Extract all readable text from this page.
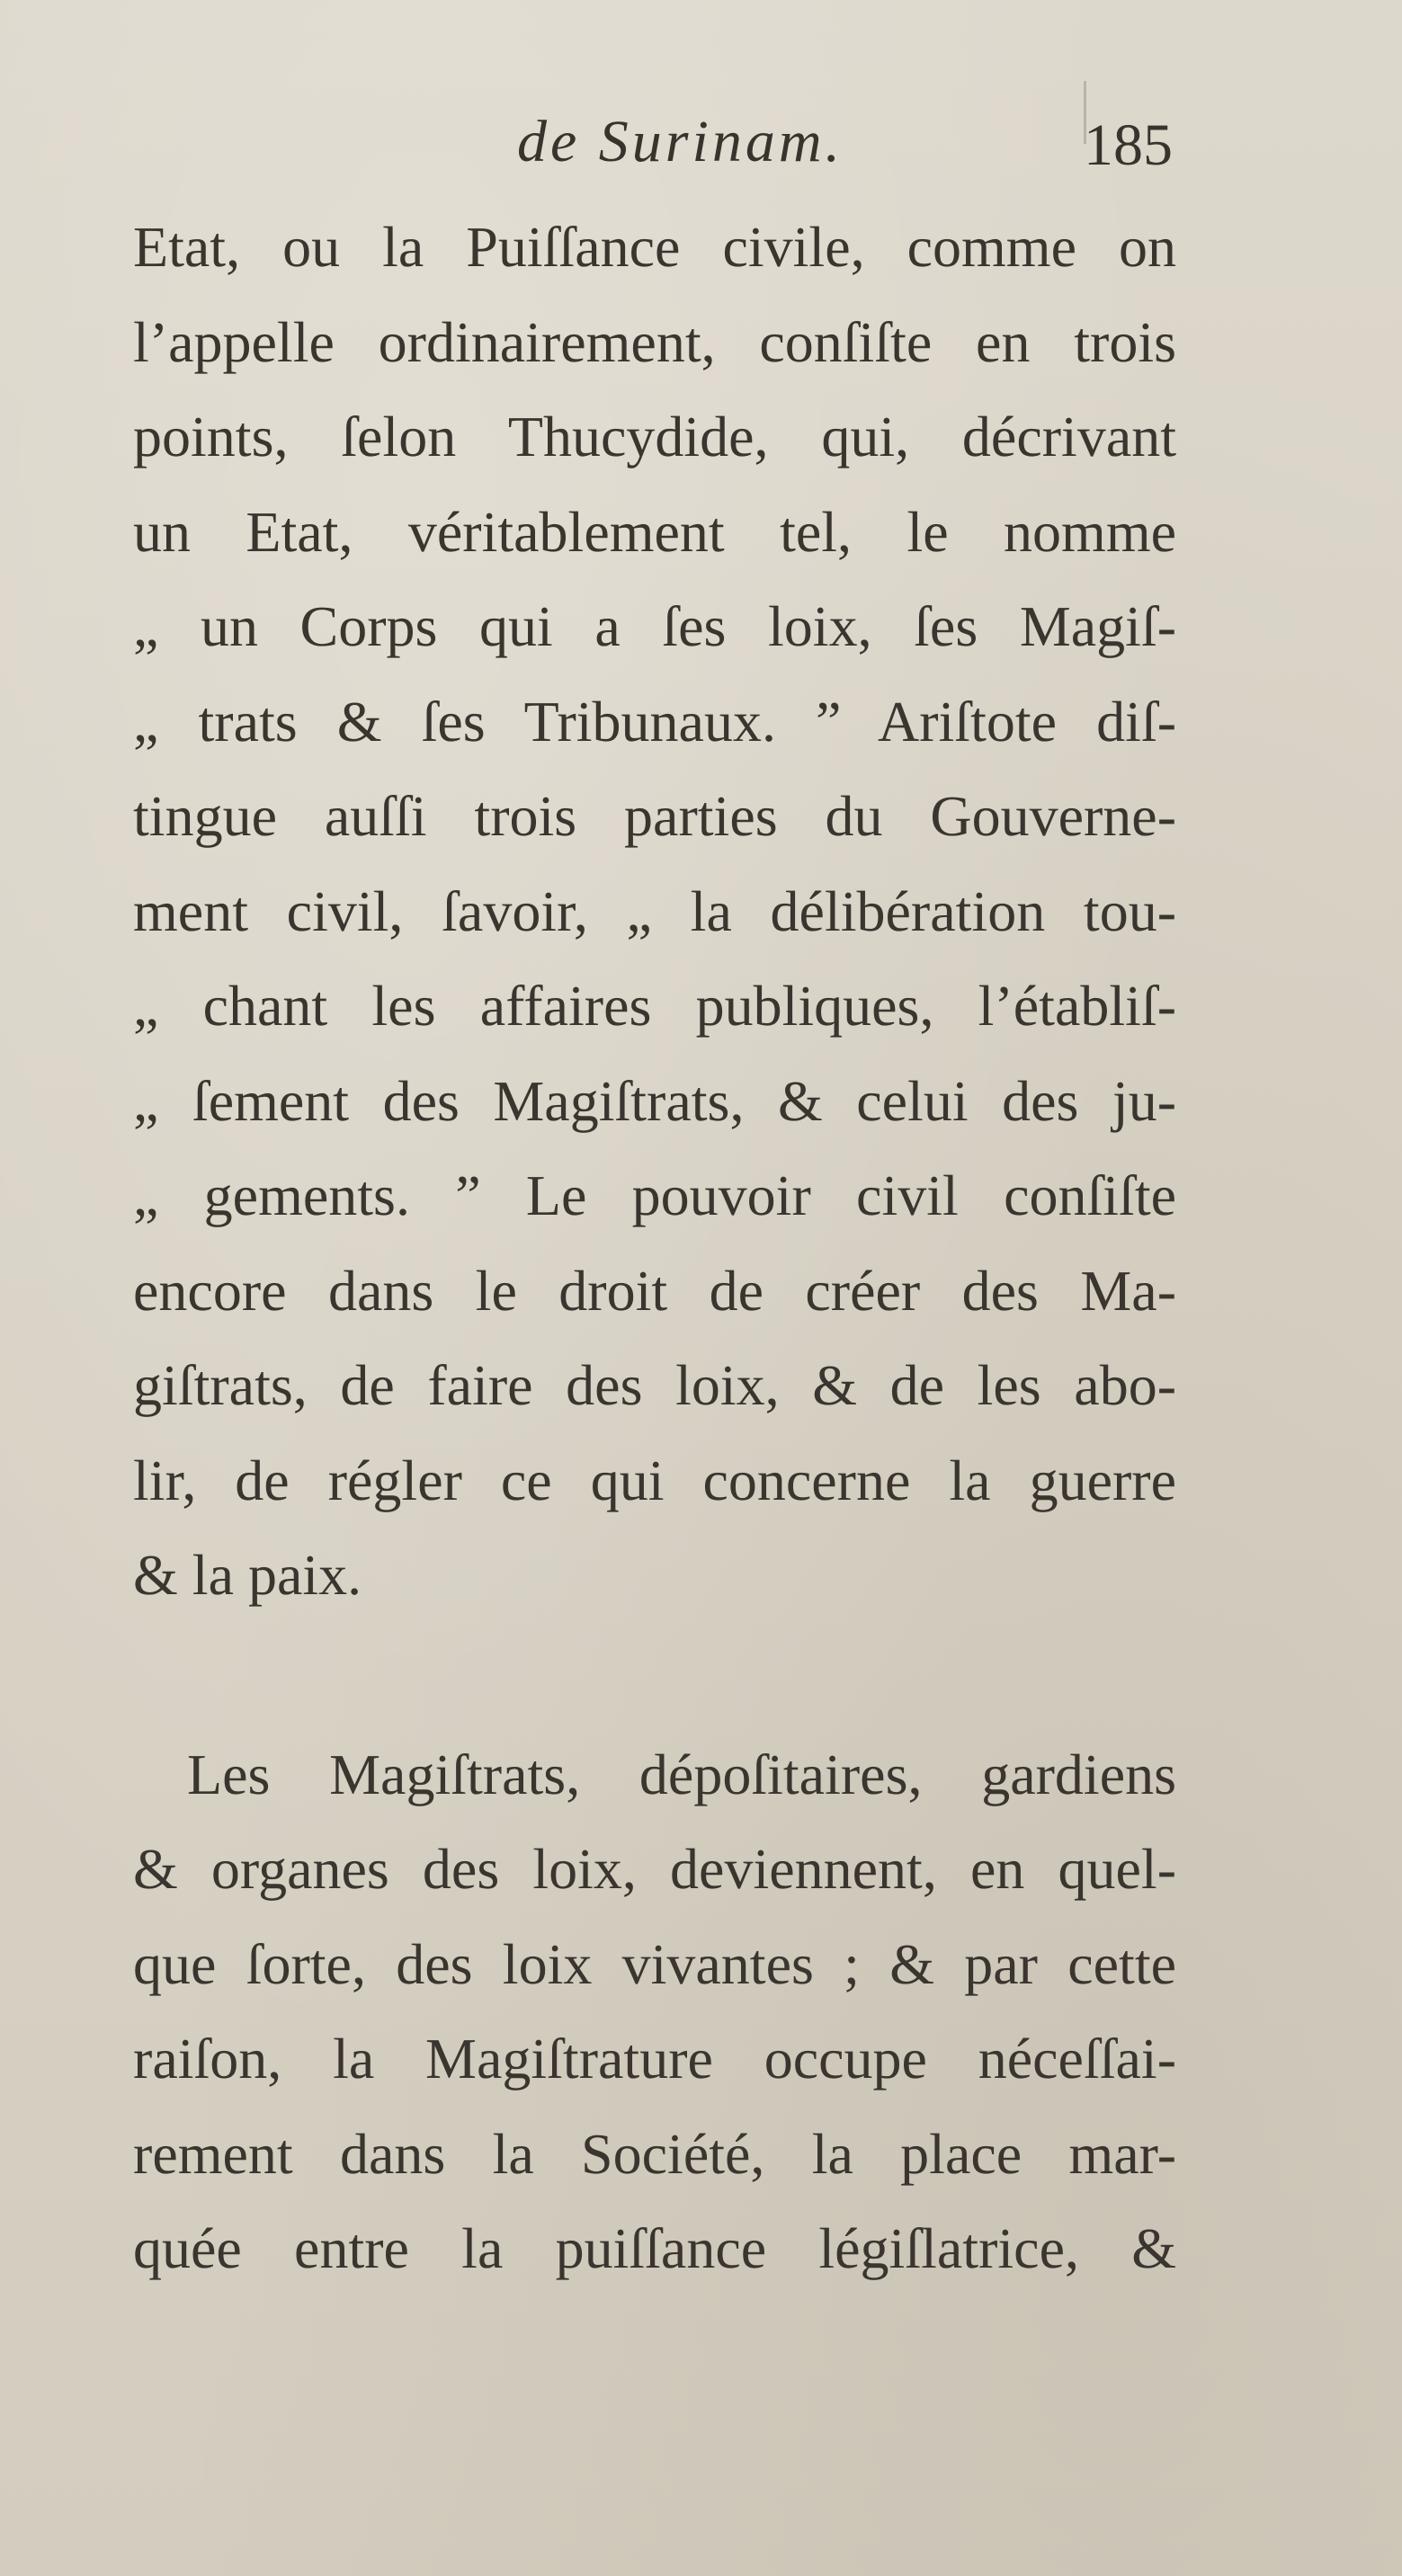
de Surinam.	185
Etat, ou la Puiſſance civile, comme on
l’appelle ordinairement, conſiſte en trois
points, ſelon Thucydide, qui, décrivant
un Etat, véritablement tel, le nomme
„ un Corps qui a ſes loix, ſes Magiſ-
„ trats & ſes Tribunaux. ” Ariſtote diſ-
tingue auſſi trois parties du Gouverne-
ment civil, ſavoir, „ la délibération tou-
„ chant les affaires publiques, l’établiſ-
„ ſement des Magiſtrats, & celui des ju-
„ gements. ” Le pouvoir civil conſiſte
encore dans le droit de créer des Ma-
giſtrats, de faire des loix, & de les abo-
lir, de régler ce qui concerne la guerre
& la paix.
Les Magiſtrats, dépoſitaires, gardiens
& organes des loix, deviennent, en quel-
que ſorte, des loix vivantes ; & par cette
raiſon, la Magiſtrature occupe néceſſai-
rement dans la Société, la place mar-
quée entre la puiſſance légiſlatrice, &
